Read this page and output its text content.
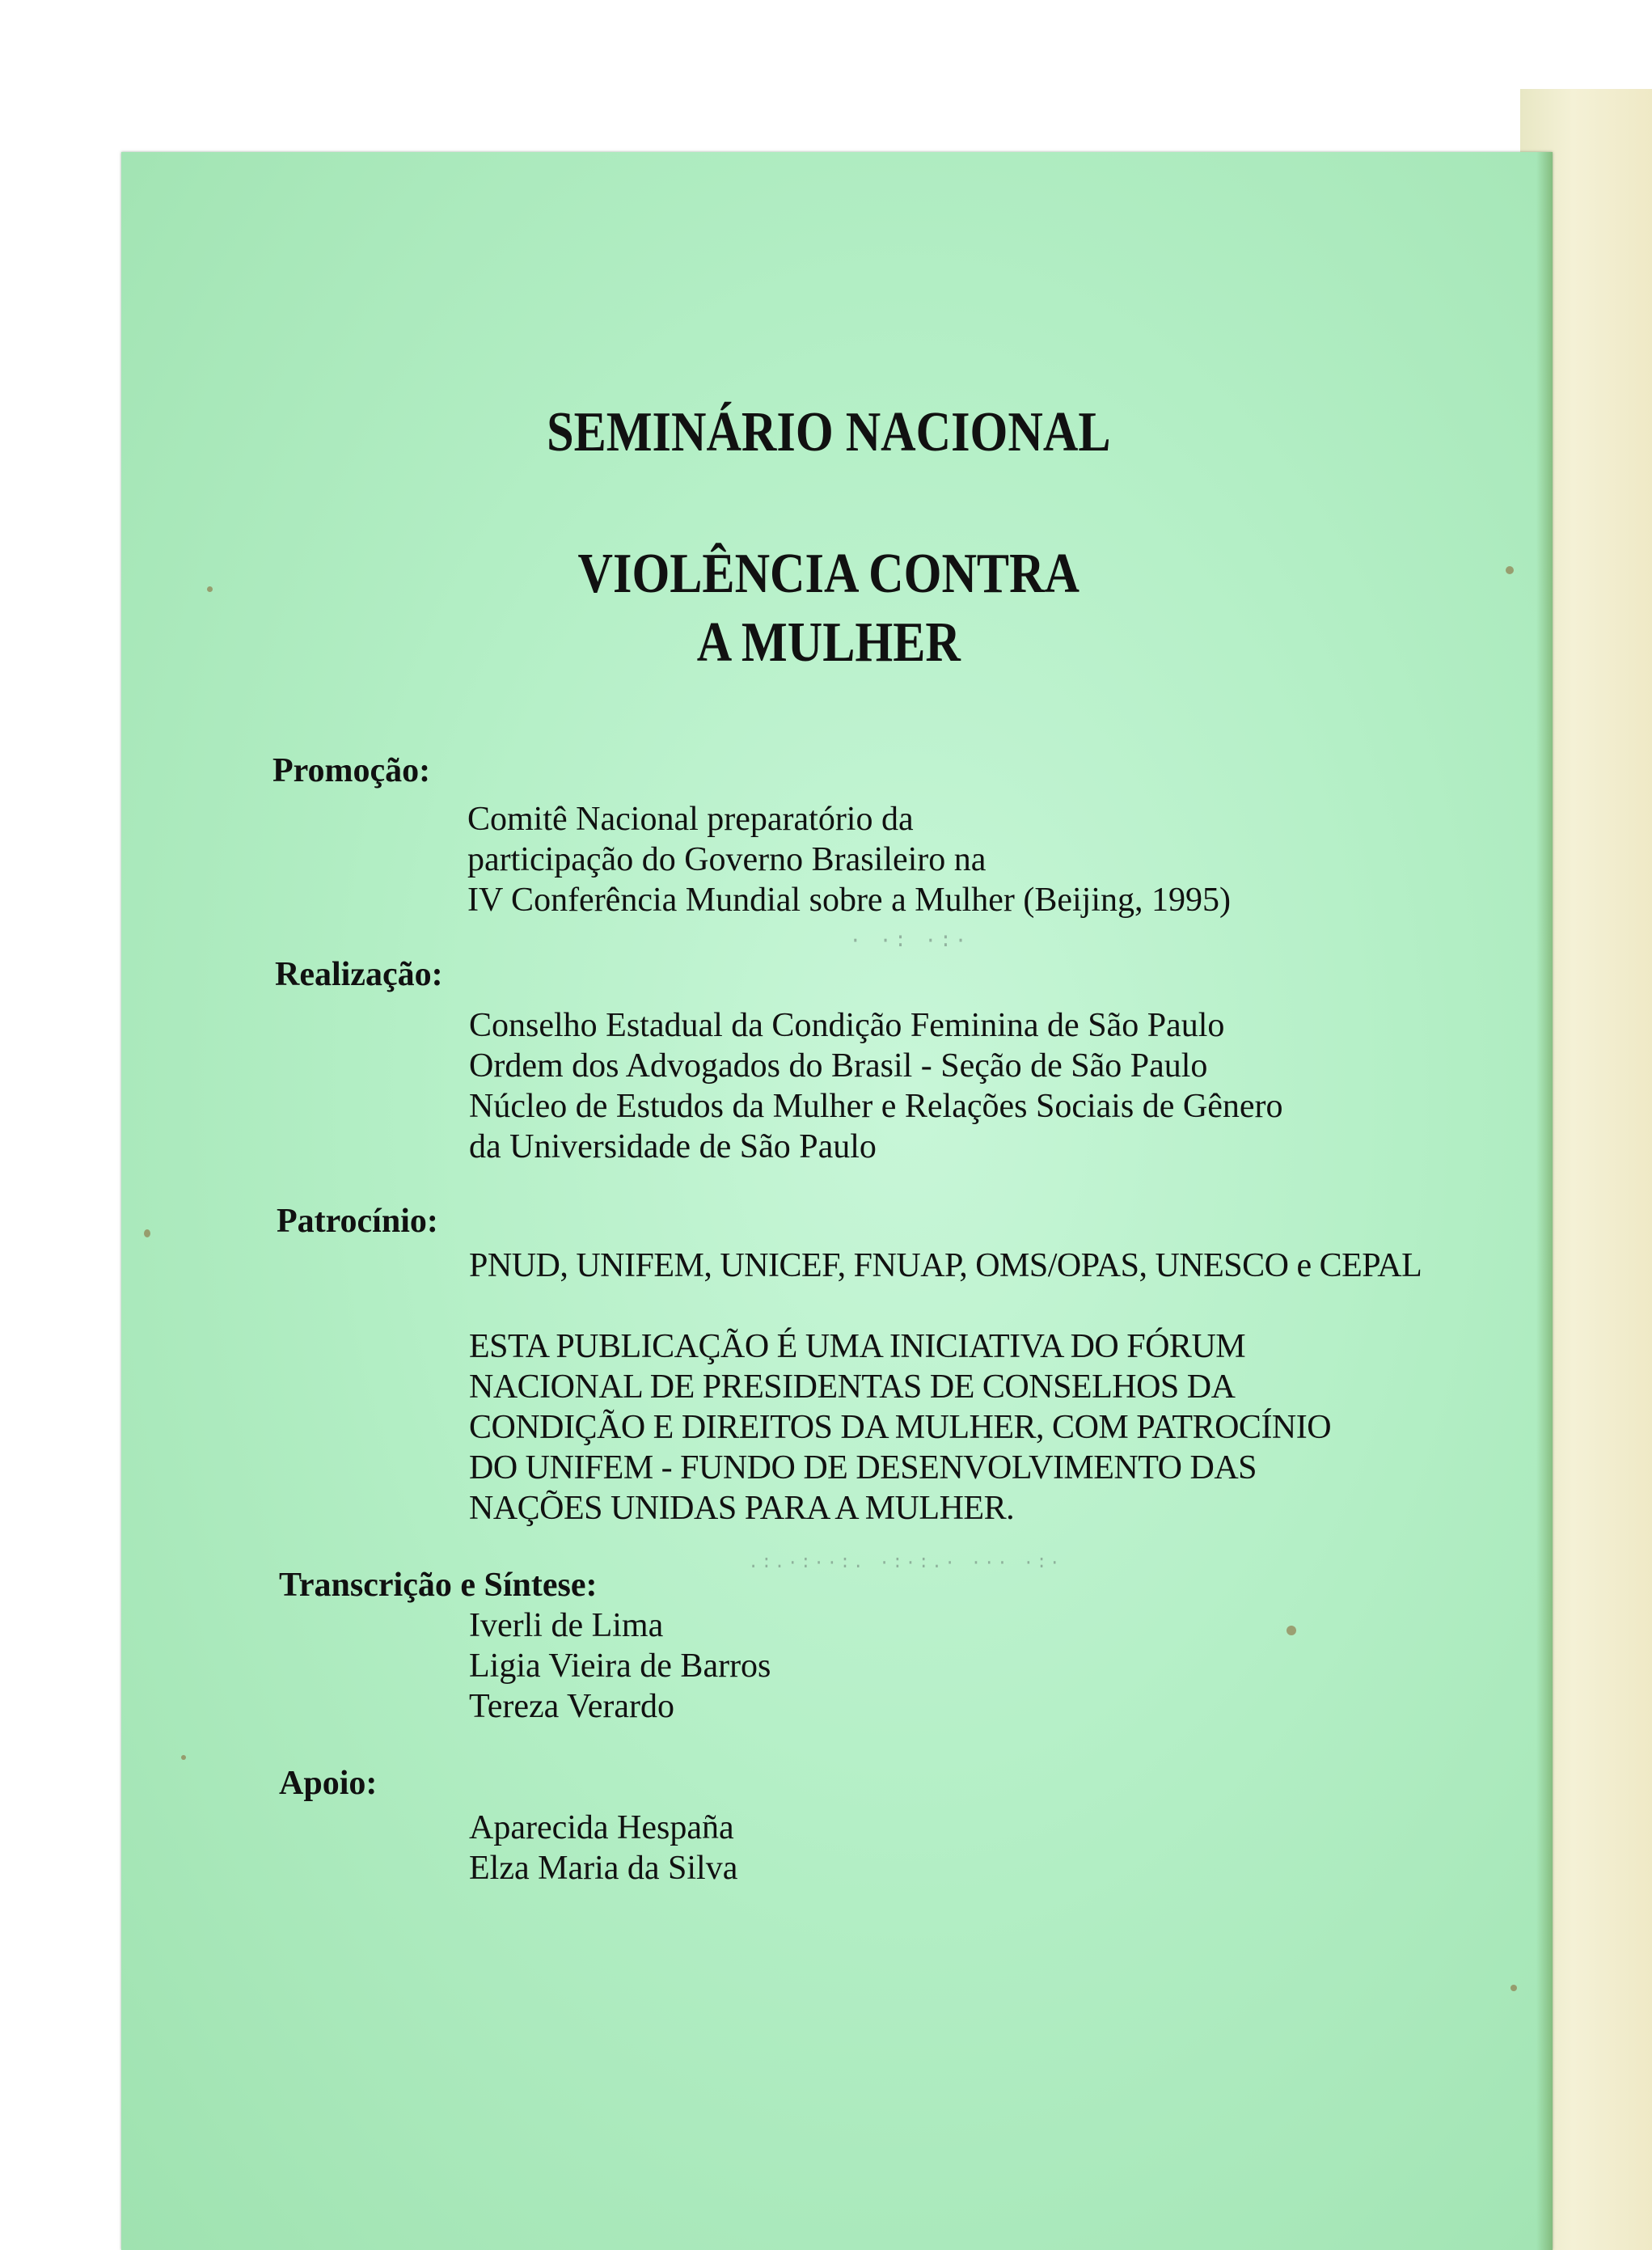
· ·: ·:·
.:.·:··:. ·:·:.· ··· ·:·
SEMINÁRIO NACIONAL
VIOLÊNCIA CONTRA
A MULHER
Promoção:
Comitê Nacional preparatório da
participação do Governo Brasileiro na
IV Conferência Mundial sobre a Mulher (Beijing, 1995)
Realização:
Conselho Estadual da Condição Feminina de São Paulo
Ordem dos Advogados do Brasil - Seção de São Paulo
Núcleo de Estudos da Mulher e Relações Sociais de Gênero
da Universidade de São Paulo
Patrocínio:
PNUD, UNIFEM, UNICEF, FNUAP, OMS/OPAS, UNESCO e CEPAL
ESTA PUBLICAÇÃO É UMA INICIATIVA DO FÓRUM
NACIONAL DE PRESIDENTAS DE CONSELHOS DA
CONDIÇÃO E DIREITOS DA MULHER, COM PATROCÍNIO
DO UNIFEM - FUNDO DE DESENVOLVIMENTO DAS
NAÇÕES UNIDAS PARA A MULHER.
Transcrição e Síntese:
Iverli de Lima
Ligia Vieira de Barros
Tereza Verardo
Apoio:
Aparecida Hespaña
Elza Maria da Silva
